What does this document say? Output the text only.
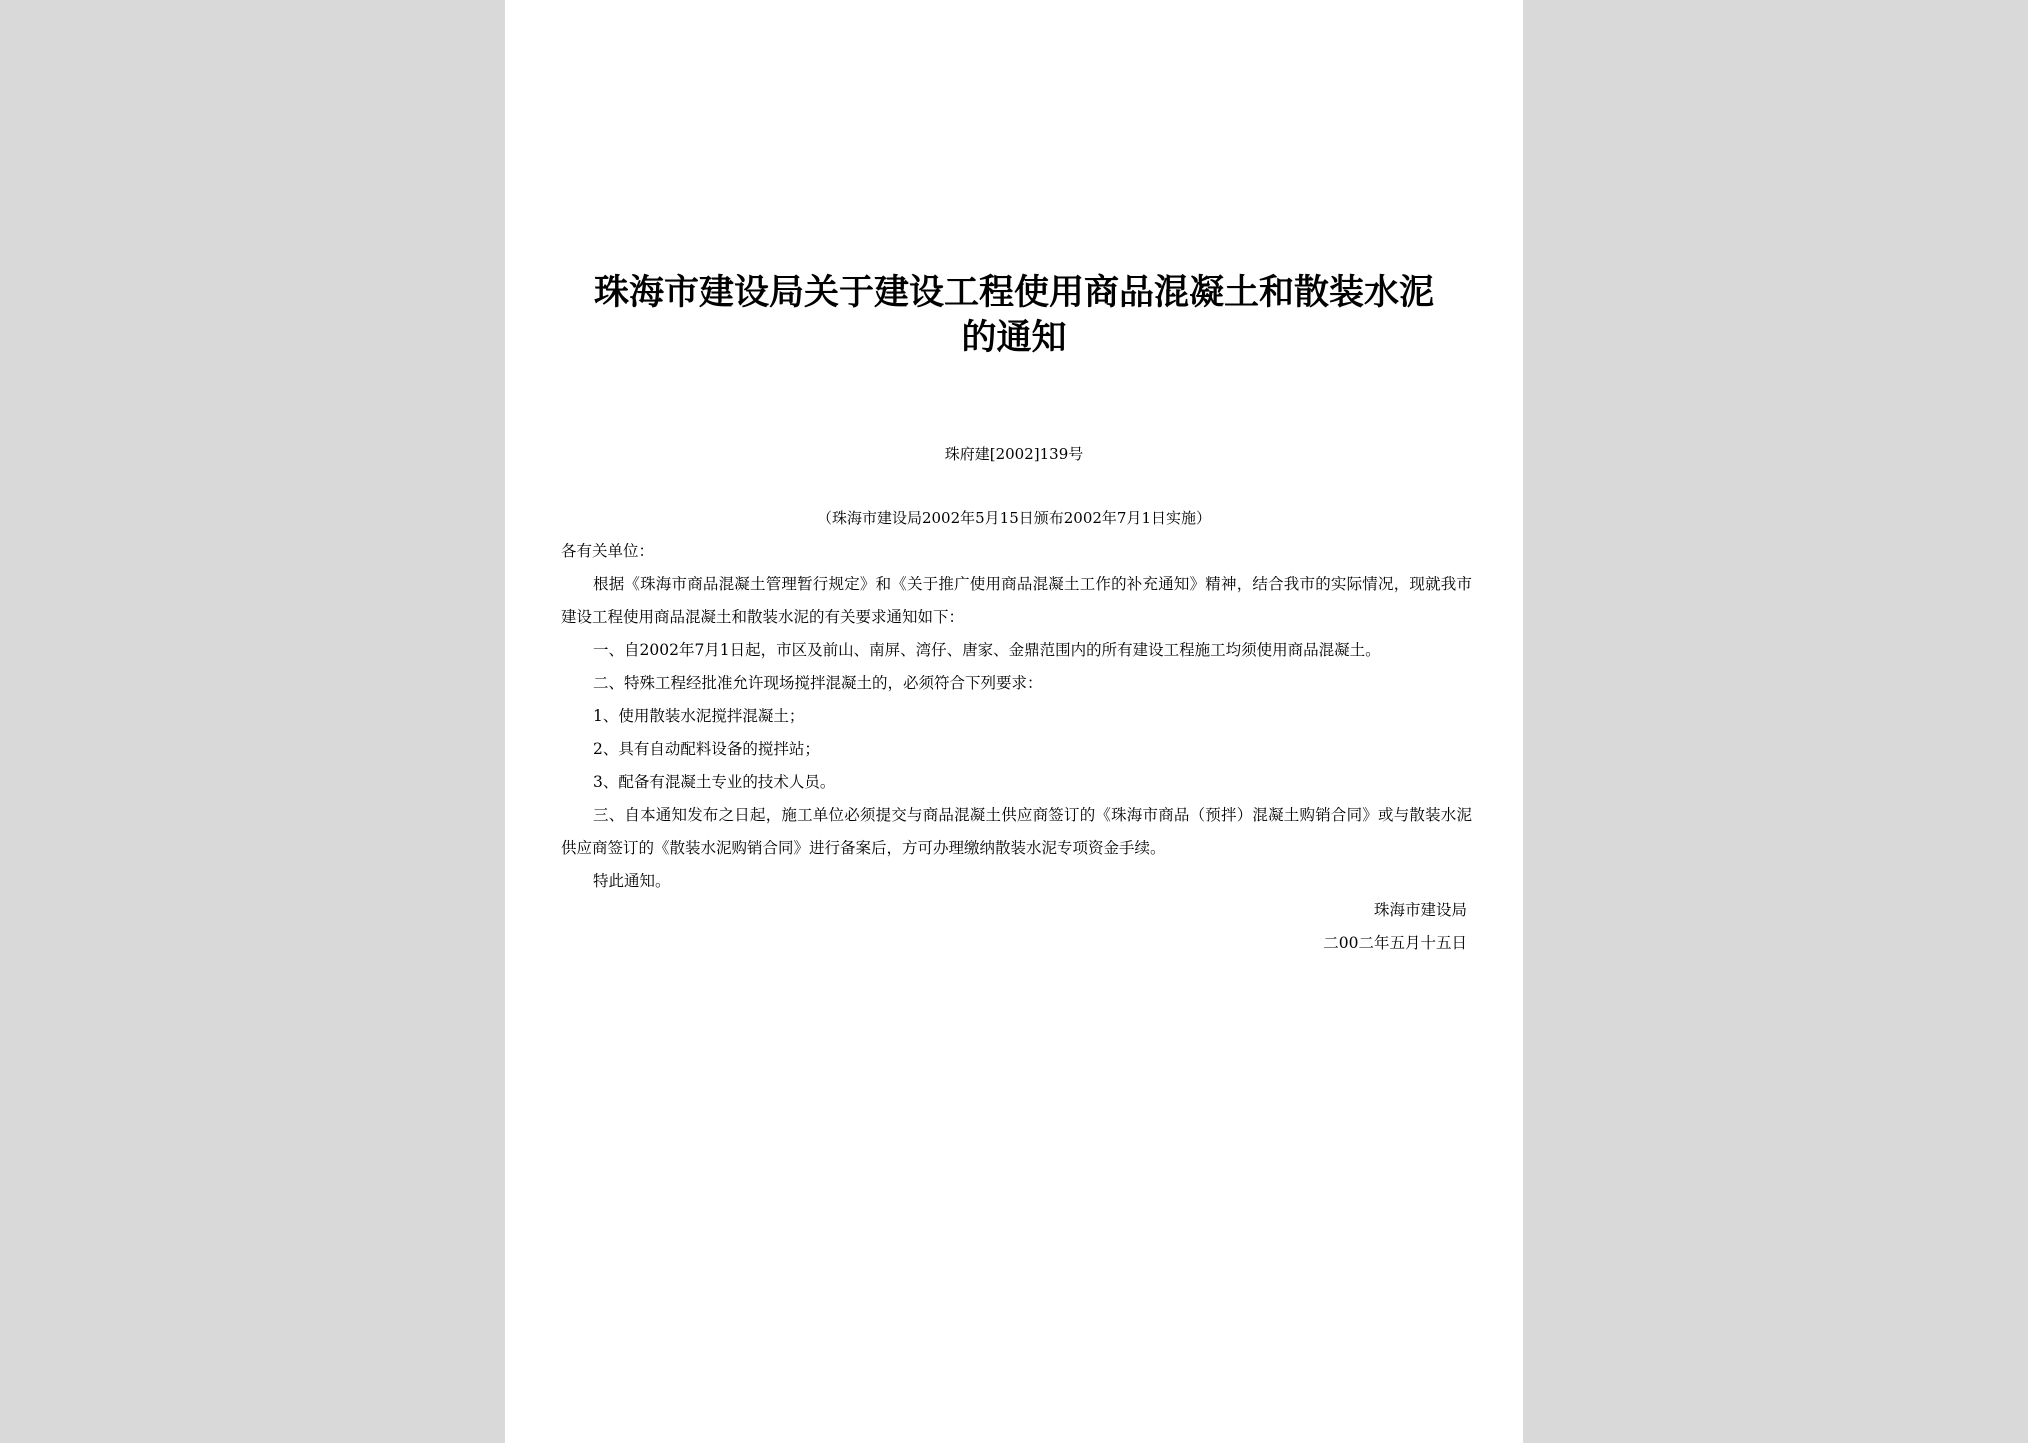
珠海市建设局关于建设工程使用商品混凝土和散装水泥
的通知
珠府建[2002]139号
（珠海市建设局2002年5月15日颁布2002年7月1日实施）

各有关单位：

根据《珠海市商品混凝土管理暂行规定》和《关于推广使用商品混凝土工作的补充通知》精神，结合我市的实际情况，现就我市建设工程使用商品混凝土和散装水泥的有关要求通知如下：

一、自2002年7月1日起，市区及前山、南屏、湾仔、唐家、金鼎范围内的所有建设工程施工均须使用商品混凝土。

二、特殊工程经批准允许现场搅拌混凝土的，必须符合下列要求：

1、使用散装水泥搅拌混凝土；

2、具有自动配料设备的搅拌站；

3、配备有混凝土专业的技术人员。

三、自本通知发布之日起，施工单位必须提交与商品混凝土供应商签订的《珠海市商品（预拌）混凝土购销合同》或与散装水泥供应商签订的《散装水泥购销合同》进行备案后，方可办理缴纳散装水泥专项资金手续。

特此通知。

珠海市建设局
二00二年五月十五日
